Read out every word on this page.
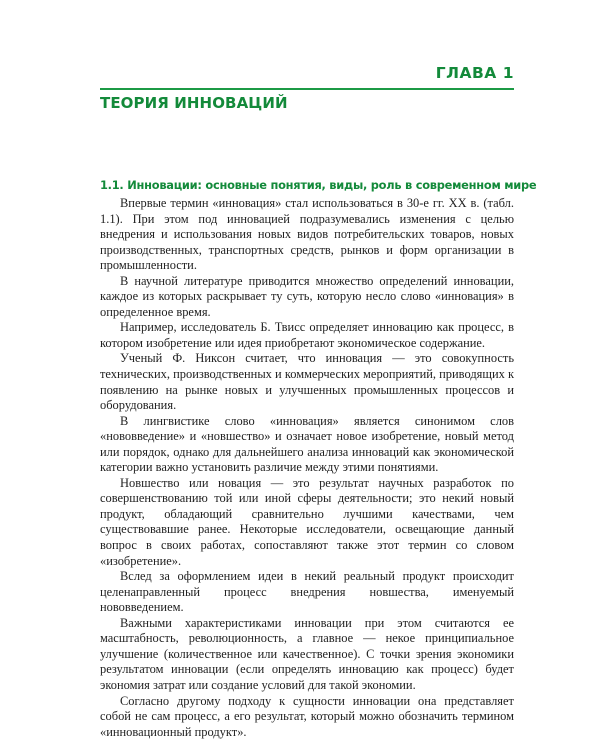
ГЛАВА 1
ТЕОРИЯ ИННОВАЦИЙ
1.1. Инновации: основные понятия, виды, роль в современном мире

Впервые термин «инновация» стал использоваться в 30-е гг. XX в. (табл. 1.1). При этом под инновацией подразумевались изменения с целью внедрения и использования новых видов потребительских товаров, новых производственных, транспортных средств, рынков и форм организации в промышленности.

В научной литературе приводится множество определений инновации, каждое из которых раскрывает ту суть, которую несло слово «инновация» в определенное время.

Например, исследователь Б. Твисс определяет инновацию как процесс, в котором изобретение или идея приобретают экономическое содержание.

Ученый Ф. Никсон считает, что инновация — это совокупность технических, производственных и коммерческих мероприятий, приводящих к появлению на рынке новых и улучшенных промышленных процессов и оборудования.

В лингвистике слово «инновация» является синонимом слов «нововведение» и «новшество» и означает новое изобретение, новый метод или порядок, однако для дальнейшего анализа инноваций как экономической категории важно установить различие между этими понятиями.

Новшество или новация — это результат научных разработок по совершенствованию той или иной сферы деятельности; это некий новый продукт, обладающий сравнительно лучшими качествами, чем существовавшие ранее. Некоторые исследователи, освещающие данный вопрос в своих работах, сопоставляют также этот термин со словом «изобретение».

Вслед за оформлением идеи в некий реальный продукт происходит целенаправленный процесс внедрения новшества, именуемый нововведением.

Важными характеристиками инновации при этом считаются ее масштабность, революционность, а главное — некое принципиальное улучшение (количественное или качественное). С точки зрения экономики результатом инновации (если определять инновацию как процесс) будет экономия затрат или создание условий для такой экономии.

Согласно другому подходу к сущности инновации она представляет собой не сам процесс, а его результат, который можно обозначить термином «инновационный продукт».
